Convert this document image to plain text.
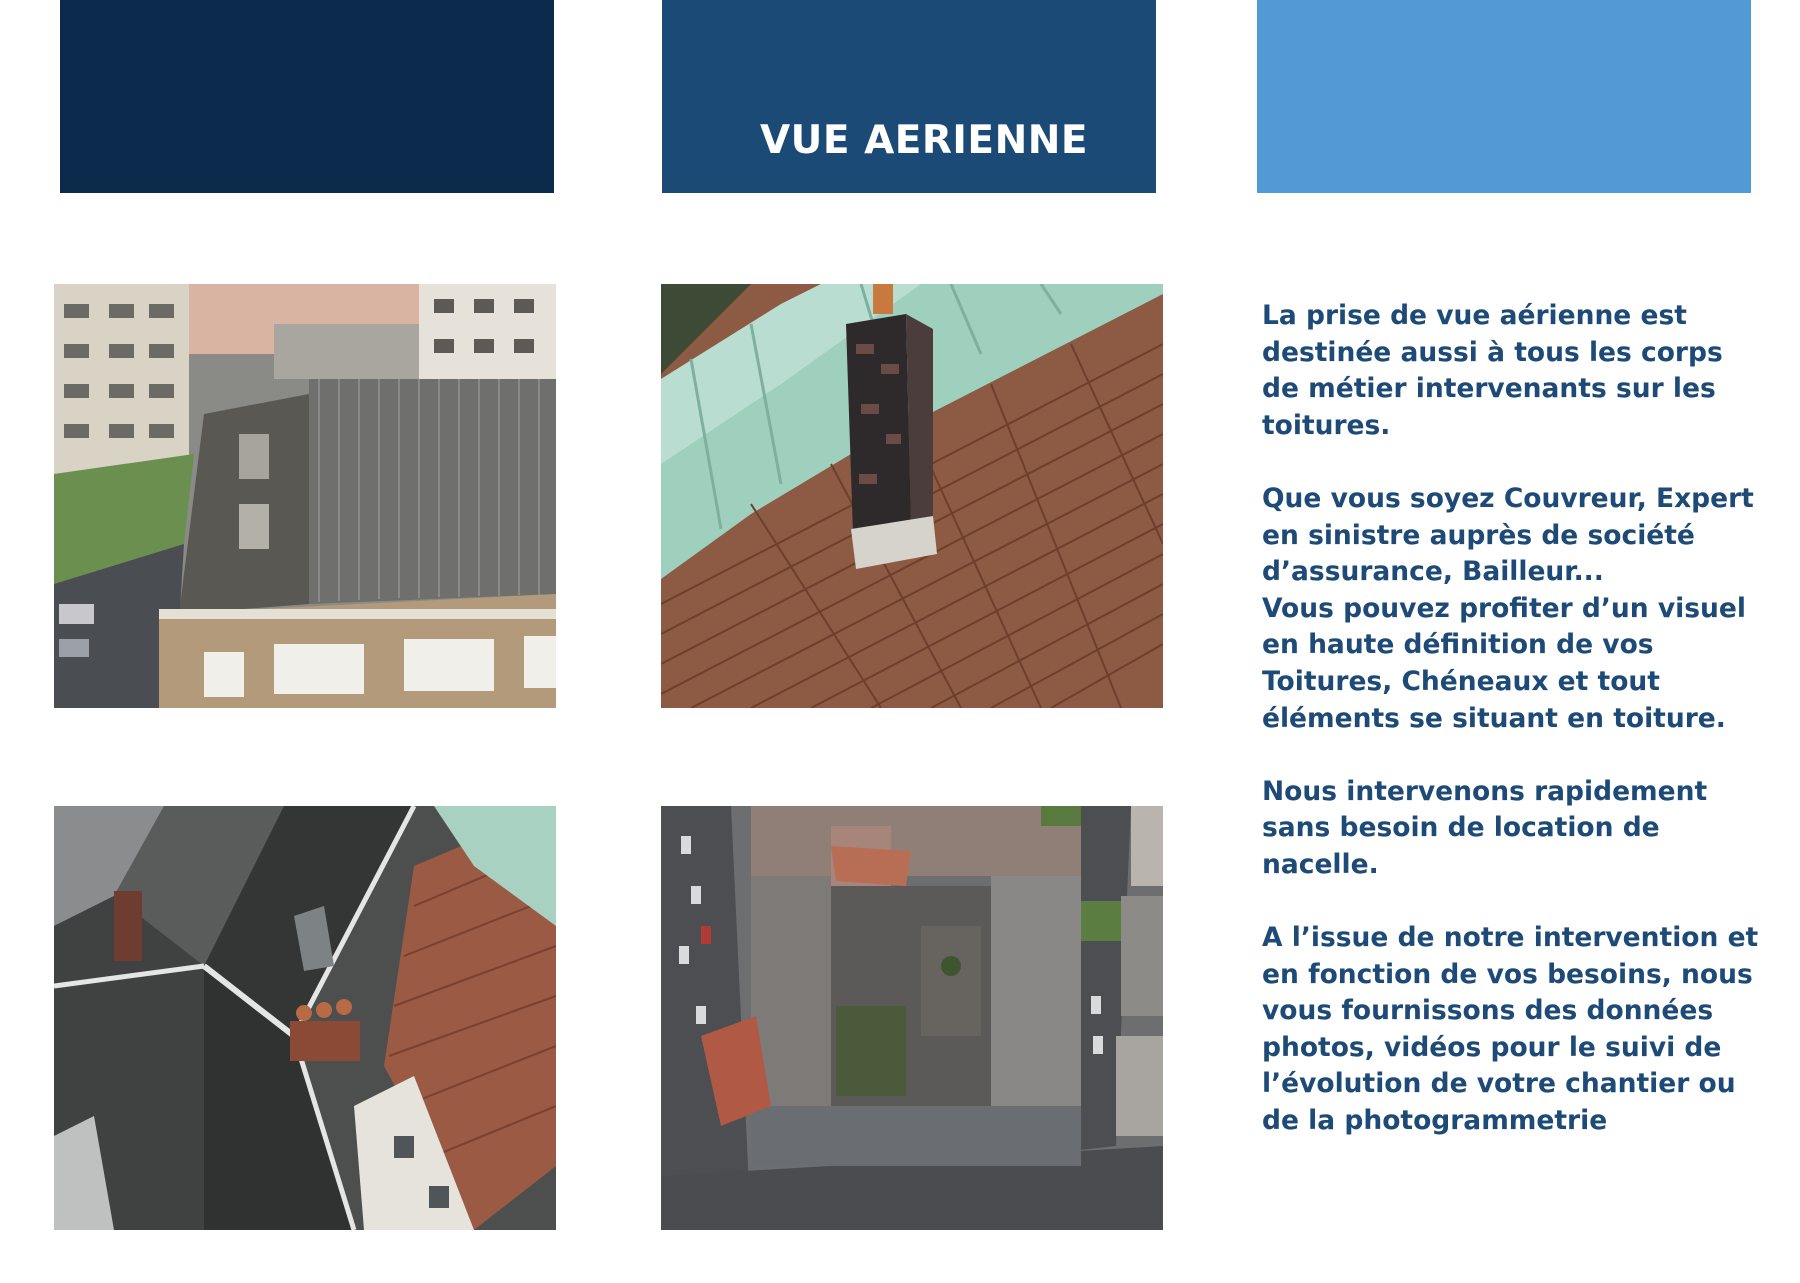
VUE AERIENNE

La prise de vue aérienne est
destinée aussi à tous les corps
de métier intervenants sur les
toitures.

Que vous soyez Couvreur, Expert
en sinistre auprès de société
d’assurance, Bailleur...
Vous pouvez profiter d’un visuel
en haute définition de vos
Toitures, Chéneaux et tout
éléments se situant en toiture.

Nous intervenons rapidement
sans besoin de location de
nacelle.

A l’issue de notre intervention et
en fonction de vos besoins, nous
vous fournissons des données
photos, vidéos pour le suivi de
l’évolution de votre chantier ou
de la photogrammetrie
